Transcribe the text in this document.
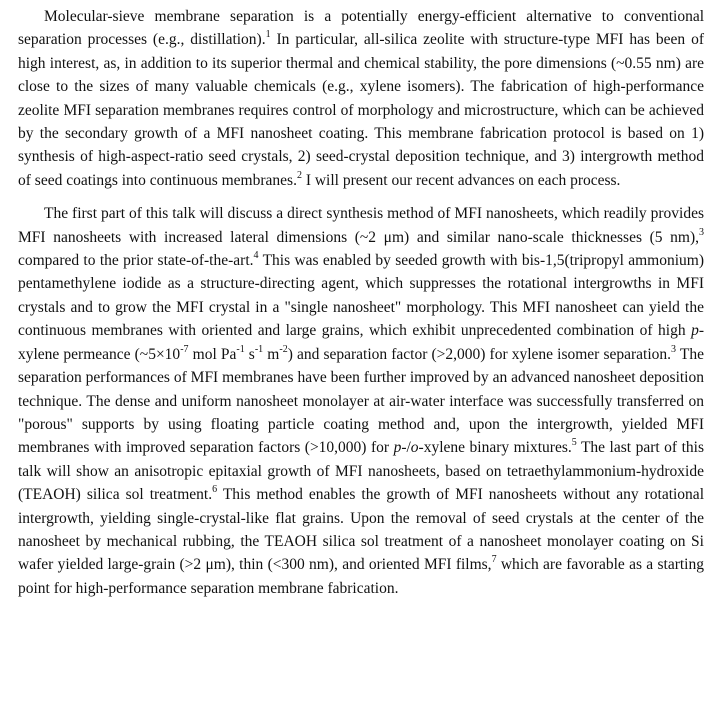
Molecular-sieve membrane separation is a potentially energy-efficient alternative to conventional separation processes (e.g., distillation).$^1$ In particular, all-silica zeolite with structure-type MFI has been of high interest, as, in addition to its superior thermal and chemical stability, the pore dimensions (~0.55 nm) are close to the sizes of many valuable chemicals (e.g., xylene isomers). The fabrication of high-performance zeolite MFI separation membranes requires control of morphology and microstructure, which can be achieved by the secondary growth of a MFI nanosheet coating. This membrane fabrication protocol is based on 1) synthesis of high-aspect-ratio seed crystals, 2) seed-crystal deposition technique, and 3) intergrowth method of seed coatings into continuous membranes.$^2$ I will present our recent advances on each process.

The first part of this talk will discuss a direct synthesis method of MFI nanosheets, which readily provides MFI nanosheets with increased lateral dimensions (~2 μm) and similar nano-scale thicknesses (5 nm),$^3$ compared to the prior state-of-the-art.$^4$ This was enabled by seeded growth with bis-1,5(tripropyl ammonium) pentamethylene iodide as a structure-directing agent, which suppresses the rotational intergrowths in MFI crystals and to grow the MFI crystal in a "single nanosheet" morphology. This MFI nanosheet can yield the continuous membranes with oriented and large grains, which exhibit unprecedented combination of high p-xylene permeance ($\sim 5\times 10^{-7}$ mol $Pa^{-1}$ $s^{-1}$ $m^{-2}$) and separation factor (>2,000) for xylene isomer separation.$^3$ The separation performances of MFI membranes have been further improved by an advanced nanosheet deposition technique. The dense and uniform nanosheet monolayer at air-water interface was successfully transferred on "porous" supports by using floating particle coating method and, upon the intergrowth, yielded MFI membranes with improved separation factors (>10,000) for p-/o-xylene binary mixtures.$^5$ The last part of this talk will show an anisotropic epitaxial growth of MFI nanosheets, based on tetraethylammonium-hydroxide (TEAOH) silica sol treatment.$^6$ This method enables the growth of MFI nanosheets without any rotational intergrowth, yielding single-crystal-like flat grains. Upon the removal of seed crystals at the center of the nanosheet by mechanical rubbing, the TEAOH silica sol treatment of a nanosheet monolayer coating on Si wafer yielded large-grain (>2 μm), thin (<300 nm), and oriented MFI films,$^7$ which are favorable as a starting point for high-performance separation membrane fabrication.
